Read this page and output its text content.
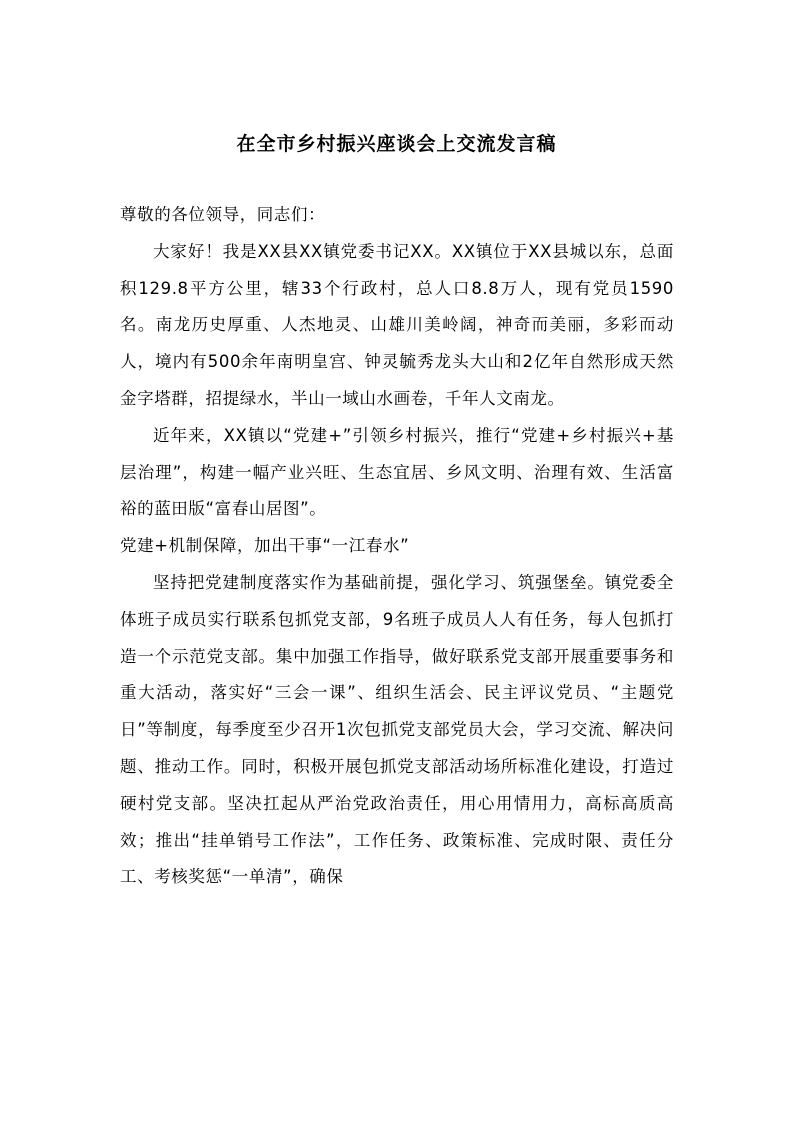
在全市乡村振兴座谈会上交流发言稿

尊敬的各位领导，同志们：

大家好！我是XX县XX镇党委书记XX。XX镇位于XX县城以东，总面积129.8平方公里，辖33个行政村，总人口8.8万人，现有党员1590名。南龙历史厚重、人杰地灵、山雄川美岭阔，神奇而美丽，多彩而动人，境内有500余年南明皇宫、钟灵毓秀龙头大山和2亿年自然形成天然金字塔群，招提绿水，半山一域山水画卷，千年人文南龙。

近年来，XX镇以“党建+”引领乡村振兴，推行“党建+乡村振兴+基层治理”，构建一幅产业兴旺、生态宜居、乡风文明、治理有效、生活富裕的蓝田版“富春山居图”。

党建+机制保障，加出干事“一江春水”

坚持把党建制度落实作为基础前提，强化学习、筑强堡垒。镇党委全体班子成员实行联系包抓党支部，9名班子成员人人有任务，每人包抓打造一个示范党支部。集中加强工作指导，做好联系党支部开展重要事务和重大活动，落实好“三会一课”、组织生活会、民主评议党员、“主题党日”等制度，每季度至少召开1次包抓党支部党员大会，学习交流、解决问题、推动工作。同时，积极开展包抓党支部活动场所标准化建设，打造过硬村党支部。坚决扛起从严治党政治责任，用心用情用力，高标高质高效；推出“挂单销号工作法”，工作任务、政策标准、完成时限、责任分工、考核奖惩“一单清”，确保
